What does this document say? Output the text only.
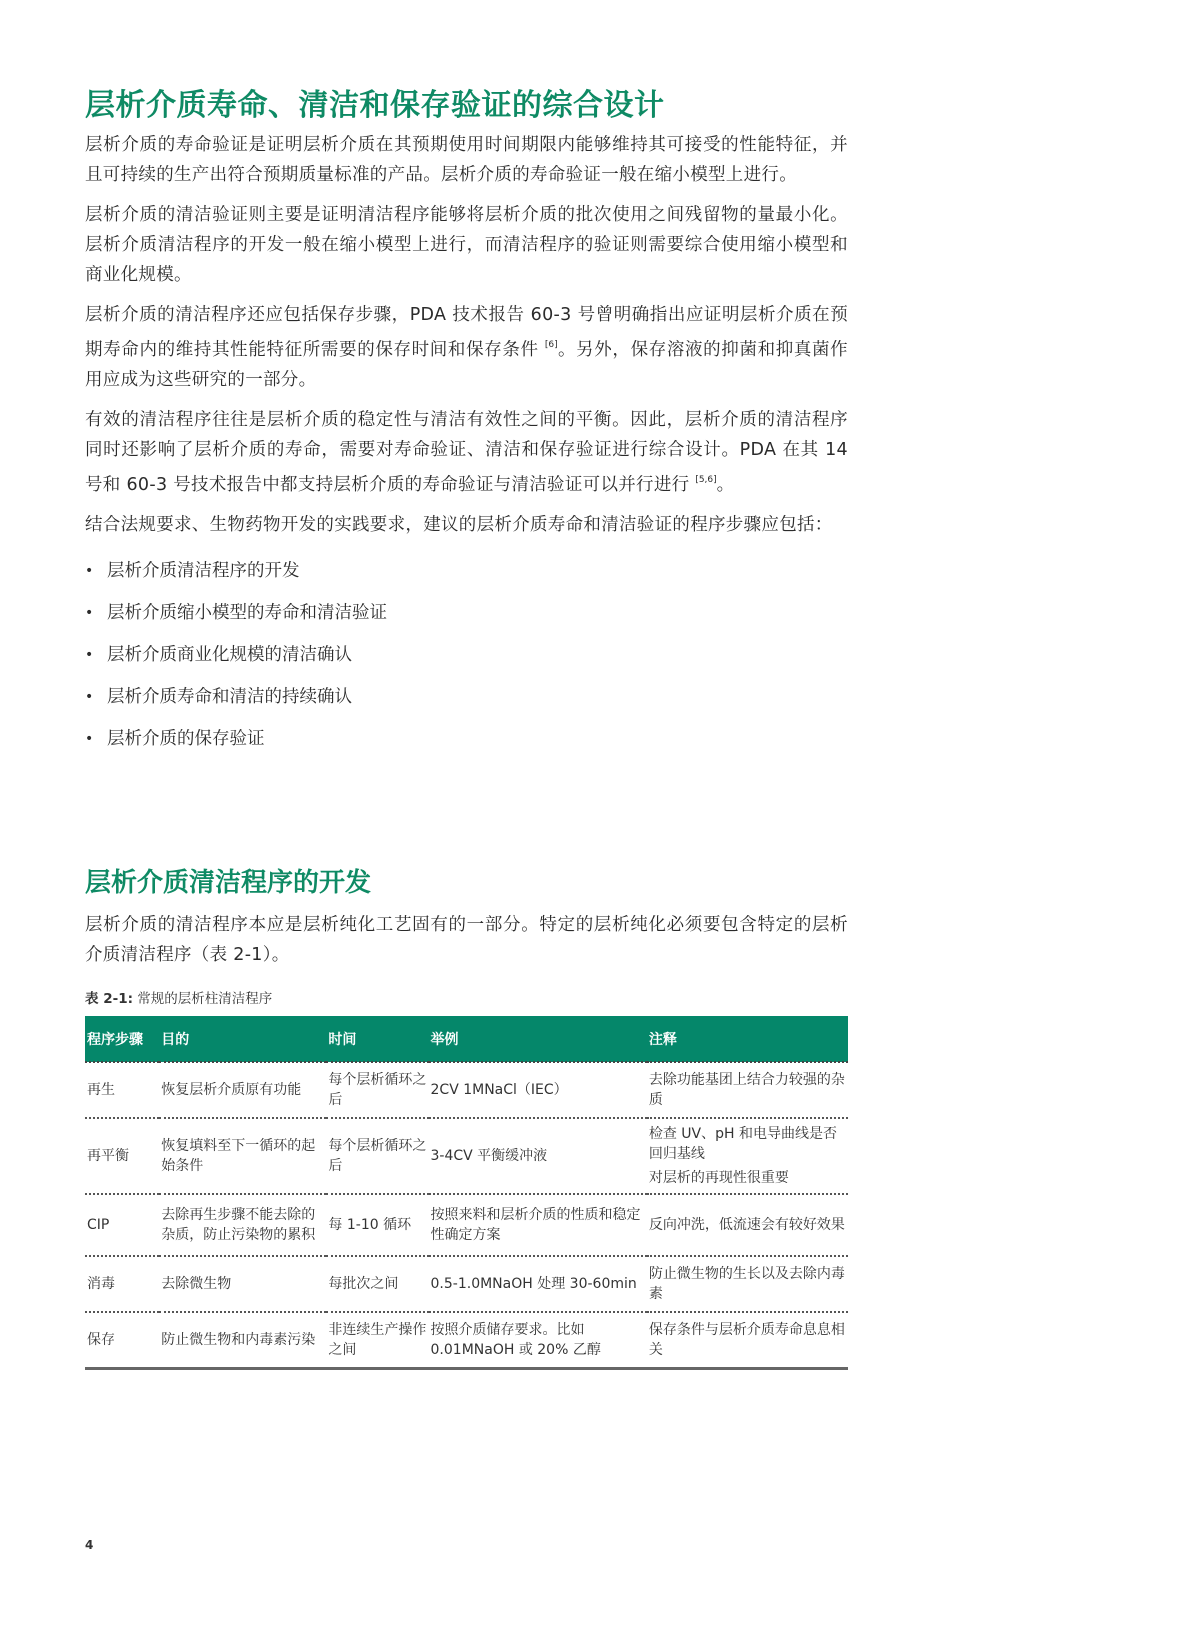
层析介质寿命、清洁和保存验证的综合设计

层析介质的寿命验证是证明层析介质在其预期使用时间期限内能够维持其可接受的性能特征，并且可持续的生产出符合预期质量标准的产品。层析介质的寿命验证一般在缩小模型上进行。

层析介质的清洁验证则主要是证明清洁程序能够将层析介质的批次使用之间残留物的量最小化。层析介质清洁程序的开发一般在缩小模型上进行，而清洁程序的验证则需要综合使用缩小模型和商业化规模。

层析介质的清洁程序还应包括保存步骤，PDA 技术报告 60-3 号曾明确指出应证明层析介质在预期寿命内的维持其性能特征所需要的保存时间和保存条件 [6]。另外，保存溶液的抑菌和抑真菌作用应成为这些研究的一部分。

有效的清洁程序往往是层析介质的稳定性与清洁有效性之间的平衡。因此，层析介质的清洁程序同时还影响了层析介质的寿命，需要对寿命验证、清洁和保存验证进行综合设计。PDA 在其 14 号和 60-3 号技术报告中都支持层析介质的寿命验证与清洁验证可以并行进行 [5,6]。

结合法规要求、生物药物开发的实践要求，建议的层析介质寿命和清洁验证的程序步骤应包括：

• 层析介质清洁程序的开发
• 层析介质缩小模型的寿命和清洁验证
• 层析介质商业化规模的清洁确认
• 层析介质寿命和清洁的持续确认
• 层析介质的保存验证
层析介质清洁程序的开发

层析介质的清洁程序本应是层析纯化工艺固有的一部分。特定的层析纯化必须要包含特定的层析介质清洁程序（表 2-1）。

表 2-1: 常规的层析柱清洁程序
程序步骤	目的	时间	举例	注释
再生	恢复层析介质原有功能	每个层析循环之后	2CV 1MNaCl（IEC）	去除功能基团上结合力较强的杂质
再平衡	恢复填料至下一循环的起始条件	每个层析循环之后	3-4CV 平衡缓冲液	检查 UV、pH 和电导曲线是否回归基线
对层析的再现性很重要

CIP	去除再生步骤不能去除的杂质，防止污染物的累积	每 1-10 循环	按照来料和层析介质的性质和稳定性确定方案	反向冲洗，低流速会有较好效果
消毒	去除微生物	每批次之间	0.5-1.0MNaOH 处理 30-60min	防止微生物的生长以及去除内毒素
保存	防止微生物和内毒素污染	非连续生产操作之间	按照介质储存要求。比如 0.01MNaOH 或 20% 乙醇	保存条件与层析介质寿命息息相关
4
